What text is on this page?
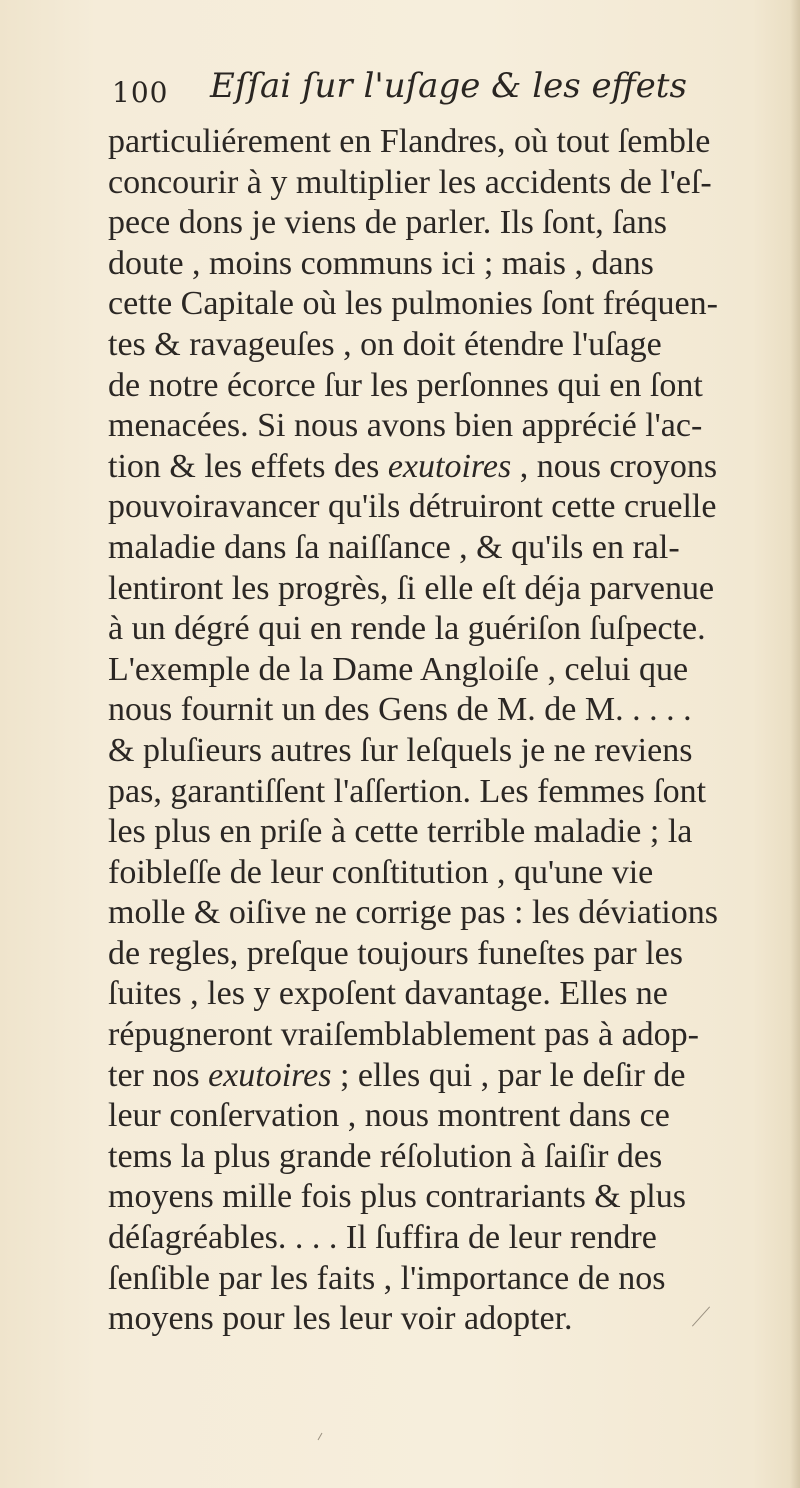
100 Eſſai ſur l'uſage & les effets
particuliérement en Flandres, où tout ſemble
concourir à y multiplier les accidents de l'eſ-
pece dons je viens de parler. Ils ſont, ſans
doute , moins communs ici ; mais , dans
cette Capitale où les pulmonies ſont fréquen-
tes & ravageuſes , on doit étendre l'uſage
de notre écorce ſur les perſonnes qui en ſont
menacées. Si nous avons bien apprécié l'ac-
tion & les effets des exutoires , nous croyons
pouvoiravancer qu'ils détruiront cette cruelle
maladie dans ſa naiſſance , & qu'ils en ral-
lentiront les progrès, ſi elle eſt déja parvenue
à un dégré qui en rende la guériſon ſuſpecte.
L'exemple de la Dame Angloiſe , celui que
nous fournit un des Gens de M. de M. . . . .
& pluſieurs autres ſur leſquels je ne reviens
pas, garantiſſent l'aſſertion. Les femmes ſont
les plus en priſe à cette terrible maladie ; la
foibleſſe de leur conſtitution , qu'une vie
molle & oiſive ne corrige pas : les déviations
de regles, preſque toujours funeſtes par les
ſuites , les y expoſent davantage. Elles ne
répugneront vraiſemblablement pas à adop-
ter nos exutoires ; elles qui , par le deſir de
leur conſervation , nous montrent dans ce
tems la plus grande réſolution à ſaiſir des
moyens mille fois plus contrariants & plus
déſagréables. . . . Il ſuffira de leur rendre
ſenſible par les faits , l'importance de nos
moyens pour les leur voir adopter.
